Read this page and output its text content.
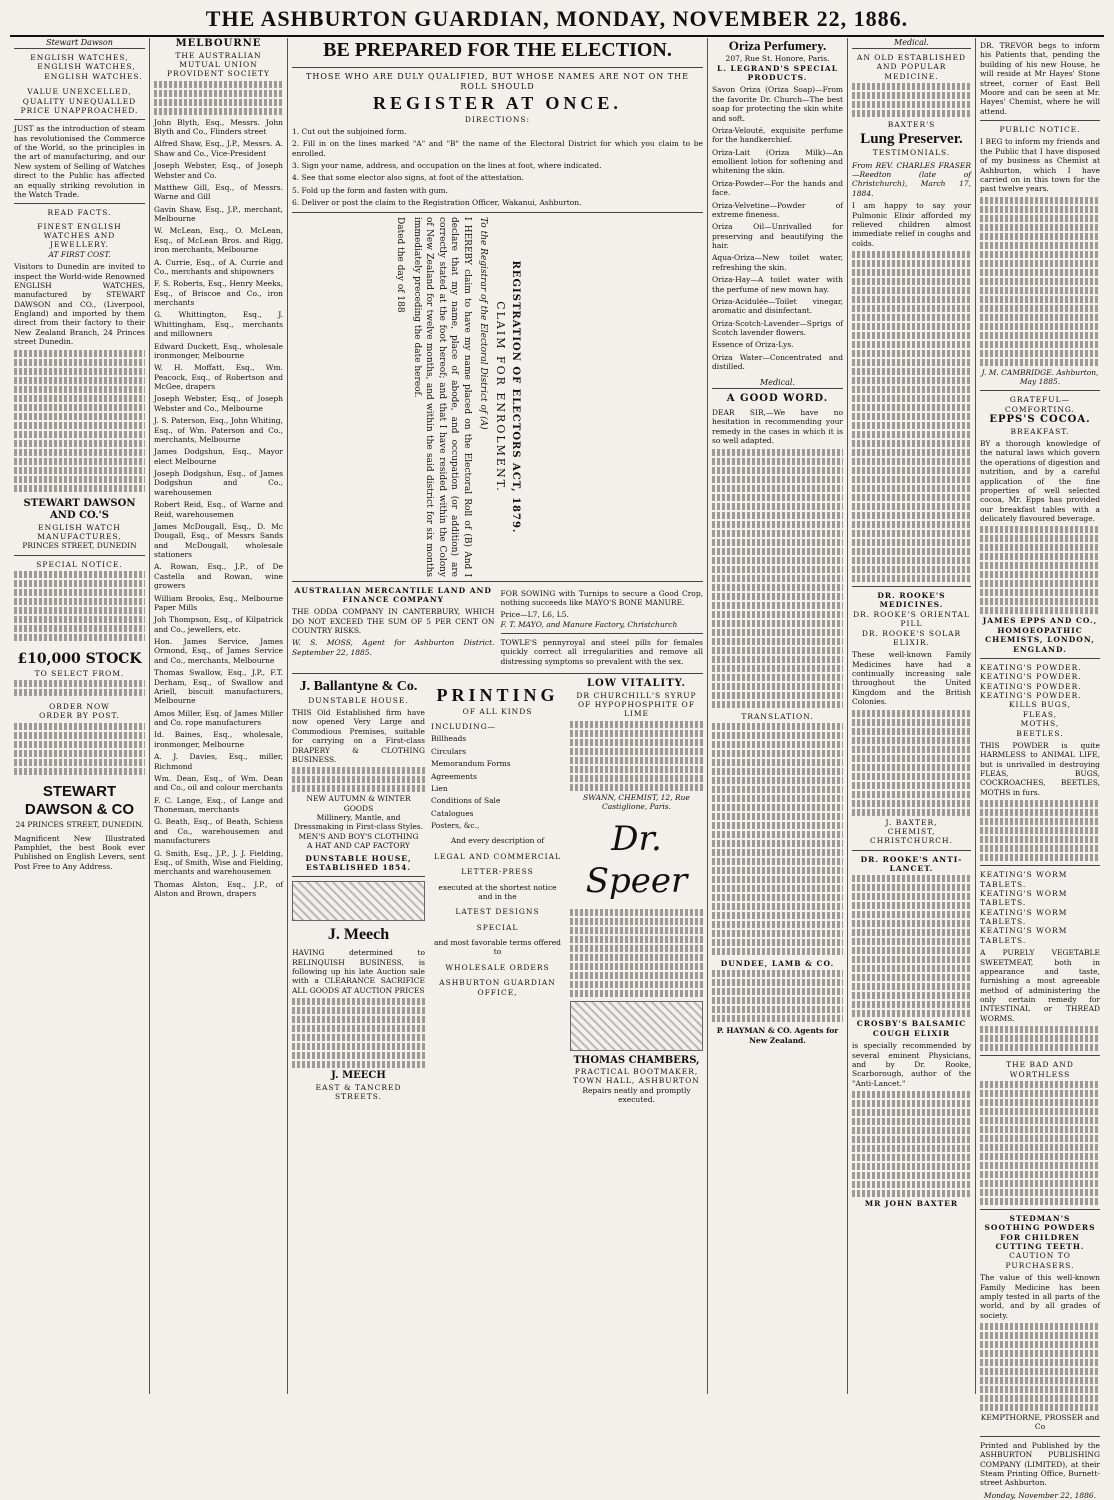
THE ASHBURTON GUARDIAN, MONDAY, NOVEMBER 22, 1886.
Stewart Dawson
ENGLISH WATCHES,
ENGLISH WATCHES,
ENGLISH WATCHES.
VALUE UNEXCELLED,
QUALITY UNEQUALLED
PRICE UNAPPROACHED.
JUST as the introduction of steam has revolutionised the Commerce of the World, so the principles in the art of manufacturing, and our New system of Selling of Watches direct to the Public has affected an equally striking revolution in the Watch Trade.
READ FACTS.
FINEST ENGLISH WATCHES AND
JEWELLERY.
AT FIRST COST.
Visitors to Dunedin are invited to inspect the World-wide Renowned ENGLISH WATCHES, manufactured by STEWART DAWSON and CO., (Liverpool, England) and imported by them direct from their factory to their New Zealand Branch, 24 Princes street Dunedin.
STEWART DAWSON AND CO.'S
ENGLISH WATCH MANUFACTURES,
PRINCES STREET, DUNEDIN
SPECIAL NOTICE.
£10,000 STOCK
TO SELECT FROM.
ORDER NOW
ORDER BY POST.
STEWART DAWSON & CO
24 PRINCES STREET, DUNEDIN.
Magnificent New Illustrated Pamphlet, the best Book ever Published on English Levers, sent Post Free to Any Address.
MELBOURNE
THE AUSTRALIAN MUTUAL UNION PROVIDENT SOCIETY
John Blyth, Esq., Messrs. John Blyth and Co., Flinders street
Alfred Shaw, Esq., J.P., Messrs. A. Shaw and Co., Vice-President
Joseph Webster, Esq., of Joseph Webster and Co.
Matthew Gill, Esq., of Messrs. Warne and Gill
Gavin Shaw, Esq., J.P., merchant, Melbourne
W. McLean, Esq., O. McLean, Esq., of McLean Bros. and Rigg, iron merchants, Melbourne
A. Currie, Esq., of A. Currie and Co., merchants and shipowners
F. S. Roberts, Esq., Henry Meeks, Esq., of Briscoe and Co., iron merchants
G. Whittington, Esq., J. Whittingham, Esq., merchants and millowners
Edward Duckett, Esq., wholesale ironmonger, Melbourne
W. H. Moffatt, Esq., Wm. Peacock, Esq., of Robertson and McGee, drapers
Joseph Webster, Esq., of Joseph Webster and Co., Melbourne
J. S. Paterson, Esq., John Whiting, Esq., of Wm. Paterson and Co., merchants, Melbourne
James Dodgshun, Esq., Mayor elect Melbourne
Joseph Dodgshun, Esq., of James Dodgshun and Co., warehousemen
Robert Reid, Esq., of Warne and Reid, warehousemen
James McDougall, Esq., D. Mc Dougall, Esq., of Messrs Sands and McDougall, wholesale stationers
A. Rowan, Esq., J.P., of De Castella and Rowan, wine growers
William Brooks, Esq., Melbourne Paper Mills
Joh Thompson, Esq., of Kilpatrick and Co., jewellers, etc.
Hon. James Service, James Ormond, Esq., of James Service and Co., merchants, Melbourne
Thomas Swallow, Esq., J.P., F.T. Derham, Esq., of Swallow and Ariell, biscuit manufacturers, Melbourne
Amos Miller, Esq. of James Miller and Co. rope manufacturers
Id. Baines, Esq., wholesale, ironmonger, Melbourne
A. J. Davies, Esq., miller, Richmond
Wm. Dean, Esq., of Wm. Dean and Co., oil and colour merchants
F. C. Lange, Esq., of Lange and Thoneman, merchants
G. Beath, Esq., of Beath, Schiess and Co., warehousemen and manufacturers
G. Smith, Esq., J.P., J. J. Fielding, Esq., of Smith, Wise and Fielding, merchants and warehousemen
Thomas Alston, Esq., J.P., of Alston and Brown, drapers
BE PREPARED FOR THE ELECTION.
THOSE WHO ARE DULY QUALIFIED, BUT WHOSE NAMES ARE NOT ON THE ROLL SHOULD
REGISTER AT ONCE.
DIRECTIONS:
1. Cut out the subjoined form.
2. Fill in on the lines marked "A" and "B" the name of the Electoral District for which you claim to be enrolled.
3. Sign your name, address, and occupation on the lines at foot, where indicated.
4. See that some elector also signs, at foot of the attestation.
5. Fold up the form and fasten with gum.
6. Deliver or post the claim to the Registration Officer, Wakanui, Ashburton.
REGISTRATION OF ELECTORS ACT, 1879.
CLAIM FOR ENROLMENT.
To the Registrar of the Electoral District of (A)
I HEREBY claim to have my name placed on the Electoral Roll of (B) And I declare that my name, place of abode, and occupation (or addition) are correctly stated at the foot hereof; and that I have resided within the Colony of New Zealand for twelve months, and within the said district for six months immediately preceding the date hereof.
Dated the day of 188
AUSTRALIAN MERCANTILE LAND AND FINANCE COMPANY
THE ODDA COMPANY IN CANTERBURY, WHICH DO NOT EXCEED THE SUM OF 5 PER CENT ON COUNTRY RISKS.
W. S. MOSS, Agent for Ashburton District. September 22, 1885.
FOR SOWING with Turnips to secure a Good Crop, nothing succeeds like MAYO'S BONE MANURE.
Price—L7, L6, L5.
F. T. MAYO, and Manure Factory, Christchurch
TOWLE'S pennyroyal and steel pills for females quickly correct all irregularities and remove all distressing symptoms so prevalent with the sex.
J. Ballantyne & Co.
DUNSTABLE HOUSE.
THIS Old Established firm have now opened Very Large and Commodious Premises, suitable for carrying on a First-class DRAPERY & CLOTHING BUSINESS.
NEW AUTUMN & WINTER GOODS
Millinery, Mantle, and Dressmaking in First-class Styles.
MEN'S AND BOY'S CLOTHING
A HAT AND CAP FACTORY
DUNSTABLE HOUSE, ESTABLISHED 1854.
J. Meech
HAVING determined to RELINQUISH BUSINESS, is following up his late Auction sale with a CLEARANCE SACRIFICE ALL GOODS AT AUCTION PRICES
J. MEECH
EAST & TANCRED STREETS.
PRINTING
OF ALL KINDS
INCLUDING—
Billheads
Circulars
Memorandum Forms
Agreements
Lien
Conditions of Sale
Catalogues
Posters, &c.,
And every description of
LEGAL AND COMMERCIAL
LETTER-PRESS
executed at the shortest notice and in the
LATEST DESIGNS
SPECIAL
and most favorable terms offered to
WHOLESALE ORDERS
ASHBURTON GUARDIAN
OFFICE,
LOW VITALITY.
DR CHURCHILL'S SYRUP OF HYPOPHOSPHITE OF LIME
SWANN, CHEMIST, 12, Rue Castiglione, Paris.
Dr. Speer
THOMAS CHAMBERS,
PRACTICAL BOOTMAKER,
TOWN HALL, ASHBURTON
Repairs neatly and promptly executed.
Oriza Perfumery.
207, Rue St. Honore, Paris.
L. LEGRAND'S SPECIAL PRODUCTS.
Savon Oriza (Oriza Soap)—From the favorite Dr. Church—The best soap for protecting the skin white and soft.
Oriza-Velouté, exquisite perfume for the handkerchief.
Oriza-Lait (Oriza Milk)—An emollient lotion for softening and whitening the skin.
Oriza-Powder—For the hands and face.
Oriza-Velvetine—Powder of extreme fineness.
Oriza Oil—Unrivalled for preserving and beautifying the hair.
Aqua-Oriza—New toilet water, refreshing the skin.
Oriza-Hay—A toilet water with the perfume of new mown hay.
Oriza-Acidulée—Toilet vinegar, aromatic and disinfectant.
Oriza-Scotch-Lavender—Sprigs of Scotch lavender flowers.
Essence of Oriza-Lys.
Oriza Water—Concentrated and distilled.
Medical.
A GOOD WORD.
DEAR SIR,—We have no hesitation in recommending your remedy in the cases in which it is so well adapted.
TRANSLATION.
DUNDEE, LAMB & CO.
P. HAYMAN & CO. Agents for New Zealand.
Medical.
AN OLD ESTABLISHED AND POPULAR MEDICINE.
BAXTER'S
Lung Preserver.
TESTIMONIALS.
From REV. CHARLES FRASER—Reedton (late of Christchurch), March 17, 1884.
I am happy to say your Pulmonic Elixir afforded my relieved children almost immediate relief in coughs and colds.
DR. ROOKE'S MEDICINES.
DR. ROOKE'S ORIENTAL PILL
DR. ROOKE'S SOLAR ELIXIR.
These well-known Family Medicines have had a continually increasing sale throughout the United Kingdom and the British Colonies.
J. BAXTER,
CHEMIST, CHRISTCHURCH.
DR. ROOKE'S ANTI-LANCET.
CROSBY'S BALSAMIC COUGH ELIXIR
is specially recommended by several eminent Physicians, and by Dr. Rooke, Scarborough, author of the "Anti-Lancet."
MR JOHN BAXTER
DR. TREVOR begs to inform his Patients that, pending the building of his new House, he will reside at Mr Hayes' Stone street, corner of East Bell Moore and can be seen at Mr. Hayes' Chemist, where he will attend.
PUBLIC NOTICE.
I BEG to inform my friends and the Public that I have disposed of my business as Chemist at Ashburton, which I have carried on in this town for the past twelve years.
J. M. CAMBRIDGE. Ashburton, May 1885.
GRATEFUL—COMFORTING.
EPPS'S COCOA.
BREAKFAST.
BY a thorough knowledge of the natural laws which govern the operations of digestion and nutrition, and by a careful application of the fine properties of well selected cocoa, Mr. Epps has provided our breakfast tables with a delicately flavoured beverage.
JAMES EPPS AND CO., HOMOEOPATHIC CHEMISTS, LONDON, ENGLAND.
KEATING'S POWDER.
KEATING'S POWDER.
KEATING'S POWDER.
KEATING'S POWDER.
KILLS BUGS,
FLEAS,
MOTHS,
BEETLES.
THIS POWDER is quite HARMLESS to ANIMAL LIFE, but is unrivalled in destroying FLEAS, BUGS, COCKROACHES, BEETLES, MOTHS in furs.
KEATING'S WORM TABLETS.
KEATING'S WORM TABLETS.
KEATING'S WORM TABLETS.
KEATING'S WORM TABLETS.
A PURELY VEGETABLE SWEETMEAT, both in appearance and taste, furnishing a most agreeable method of administering the only certain remedy for INTESTINAL or THREAD WORMS.
THE BAD AND WORTHLESS
STEDMAN'S SOOTHING POWDERS FOR CHILDREN CUTTING TEETH.
CAUTION TO PURCHASERS.
The value of this well-known Family Medicine has been amply tested in all parts of the world, and by all grades of society.
KEMPTHORNE, PROSSER and Co
Printed and Published by the ASHBURTON PUBLISHING COMPANY (LIMITED), at their Steam Printing Office, Burnett-street Ashburton.
Monday, November 22, 1886.
